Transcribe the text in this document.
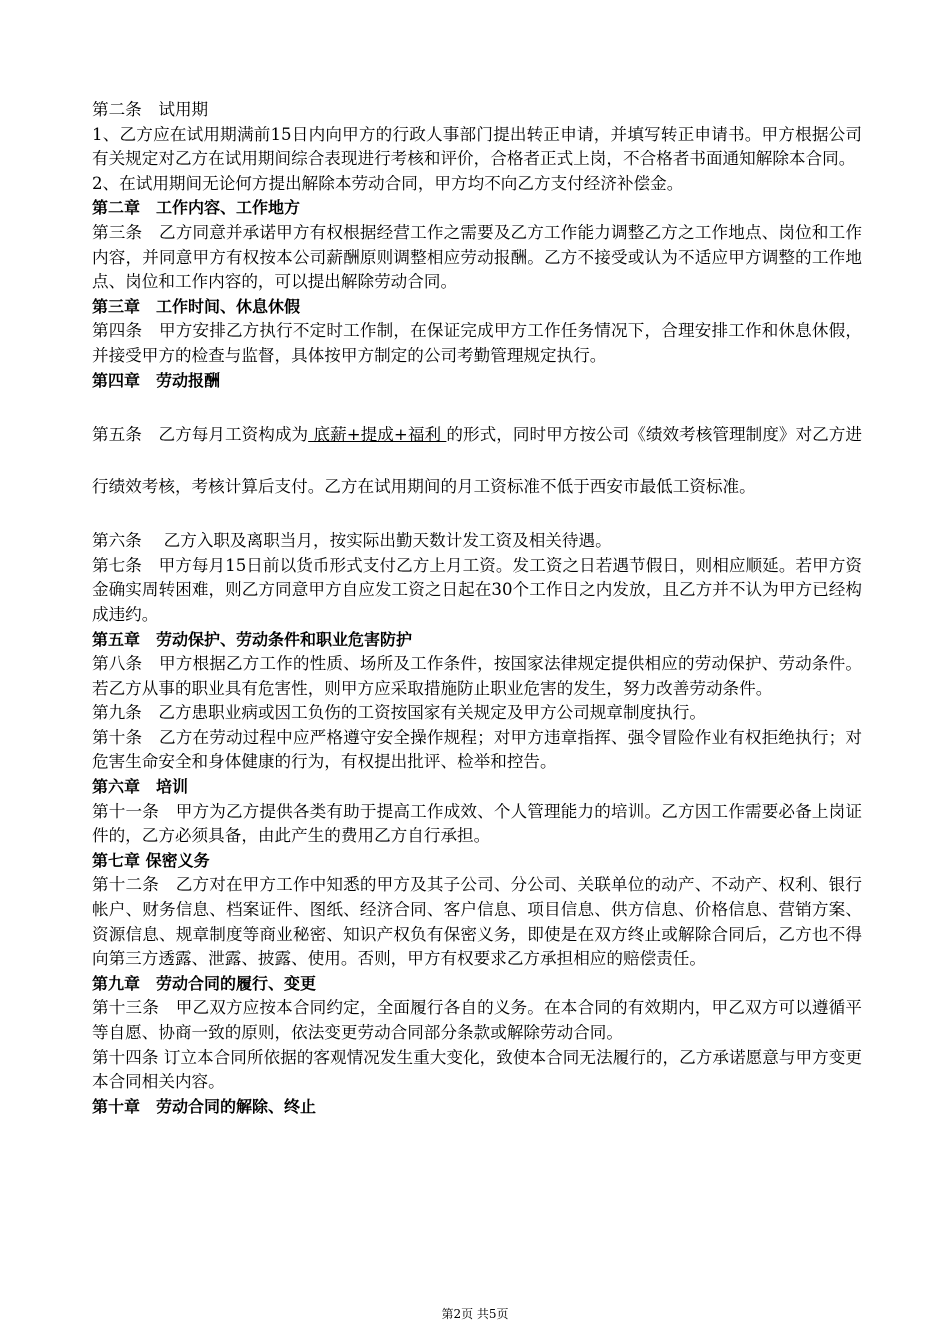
第二条　试用期

1、乙方应在试用期满前15日内向甲方的行政人事部门提出转正申请，并填写转正申请书。甲方根据公司有关规定对乙方在试用期间综合表现进行考核和评价，合格者正式上岗，不合格者书面通知解除本合同。

2、在试用期间无论何方提出解除本劳动合同，甲方均不向乙方支付经济补偿金。

第二章　工作内容、工作地方

第三条　乙方同意并承诺甲方有权根据经营工作之需要及乙方工作能力调整乙方之工作地点、岗位和工作内容，并同意甲方有权按本公司薪酬原则调整相应劳动报酬。乙方不接受或认为不适应甲方调整的工作地点、岗位和工作内容的，可以提出解除劳动合同。

第三章　工作时间、休息休假

第四条　甲方安排乙方执行不定时工作制，在保证完成甲方工作任务情况下，合理安排工作和休息休假，并接受甲方的检查与监督，具体按甲方制定的公司考勤管理规定执行。

第四章　劳动报酬

第五条　乙方每月工资构成为 底薪+提成+福利 的形式，同时甲方按公司《绩效考核管理制度》对乙方进行绩效考核，考核计算后支付。乙方在试用期间的月工资标准不低于西安市最低工资标准。

第六条　 乙方入职及离职当月，按实际出勤天数计发工资及相关待遇。

第七条　甲方每月15日前以货币形式支付乙方上月工资。发工资之日若遇节假日，则相应顺延。若甲方资金确实周转困难，则乙方同意甲方自应发工资之日起在30个工作日之内发放，且乙方并不认为甲方已经构成违约。

第五章　劳动保护、劳动条件和职业危害防护

第八条　甲方根据乙方工作的性质、场所及工作条件，按国家法律规定提供相应的劳动保护、劳动条件。若乙方从事的职业具有危害性，则甲方应采取措施防止职业危害的发生，努力改善劳动条件。

第九条　乙方患职业病或因工负伤的工资按国家有关规定及甲方公司规章制度执行。

第十条　乙方在劳动过程中应严格遵守安全操作规程；对甲方违章指挥、强令冒险作业有权拒绝执行；对危害生命安全和身体健康的行为，有权提出批评、检举和控告。

第六章　培训

第十一条　甲方为乙方提供各类有助于提高工作成效、个人管理能力的培训。乙方因工作需要必备上岗证件的，乙方必须具备，由此产生的费用乙方自行承担。

第七章 保密义务

第十二条　乙方对在甲方工作中知悉的甲方及其子公司、分公司、关联单位的动产、不动产、权利、银行帐户、财务信息、档案证件、图纸、经济合同、客户信息、项目信息、供方信息、价格信息、营销方案、资源信息、规章制度等商业秘密、知识产权负有保密义务，即使是在双方终止或解除合同后，乙方也不得向第三方透露、泄露、披露、使用。否则，甲方有权要求乙方承担相应的赔偿责任。

第九章　劳动合同的履行、变更

第十三条　甲乙双方应按本合同约定，全面履行各自的义务。在本合同的有效期内，甲乙双方可以遵循平等自愿、协商一致的原则，依法变更劳动合同部分条款或解除劳动合同。

第十四条 订立本合同所依据的客观情况发生重大变化，致使本合同无法履行的，乙方承诺愿意与甲方变更本合同相关内容。

第十章　劳动合同的解除、终止

第2页 共5页
